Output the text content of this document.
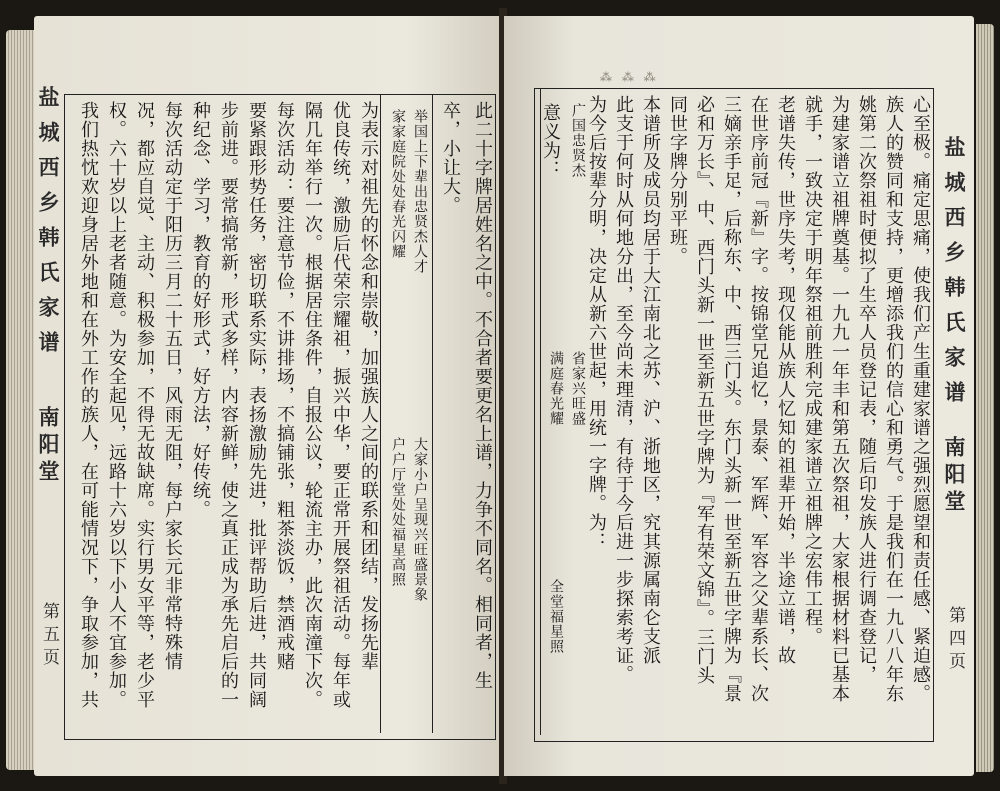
盐城西乡韩氏家谱
南阳堂
第五页	此二十字牌居姓名之中。不合者要更名上谱，力争不同名。相同者，生
卒，小让大。
举国上下辈出忠贤杰人才
家家庭院处处春光闪耀
大家小户呈现兴旺盛景象
户户厅堂处处福星高照
为表示对祖先的怀念和崇敬，加强族人之间的联系和团结，发扬先辈
优良传统，激励后代荣宗耀祖，振兴中华，要正常开展祭祖活动。每年或
隔几年举行一次。根据居住条件，自报公议，轮流主办，此次南潼下次。
每次活动：要注意节俭，不讲排场，不搞铺张，粗茶淡饭，禁酒戒赌
要紧跟形势任务，密切联系实际，表扬激励先进，批评帮助后进，共同阔
步前进。要常搞常新，形式多样，内容新鲜，使之真正成为承先启后的一
种纪念、学习，教育的好形式，好方法，好传统。
每次活动定于阳历三月二十五日，风雨无阻，每户家长元非常特殊情
况，都应自觉、主动、积极参加，不得无故缺席。实行男女平等，老少平
权。六十岁以上老者随意。为安全起见，远路十六岁以下小人不宜参加。
我们热忱欢迎身居外地和在外工作的族人，在可能情况下，争取参加，共
⁂ ⁂ ⁂
心至极。痛定思痛，使我们产生重建家谱之强烈愿望和责任感、紧迫感。
族人的赞同和支持，更增添我们的信心和勇气。于是我们在一九八八年东
姚第二次祭祖时便拟了生卒人员登记表，随后印发族人进行调查登记，
为建家谱立祖牌奠基。一九九一年丰和第五次祭祖，大家根据材料已基本
就手，一致决定于明年祭祖前胜利完成建家谱立祖牌之宏伟工程。
老谱失传，世序失考，现仅能从族人忆知的祖辈开始，半途立谱，故
在世序前冠『新』字。按锦堂兄追忆，景泰、军辉、军容之父辈系长、次
三嫡亲手足，后称东、中、西三门头。东门头新一世至新五世字牌为『景
必和万长』、中、西门头新一世至新五世字牌为『军有荣文锦』。三门头
同世字牌分别平班。
本谱所及成员均居于大江南北之苏、沪、浙地区，究其源属南仑支派
此支于何时从何地分出，至今尚未理清，有待于今后进一步探索考证。
为今后按辈分明，决定从新六世起，用统一字牌。为：
广国忠贤杰
省家兴旺盛
满庭春光耀
全堂福星照
意义为：	盐城西乡韩氏家谱
南阳堂
第四页
